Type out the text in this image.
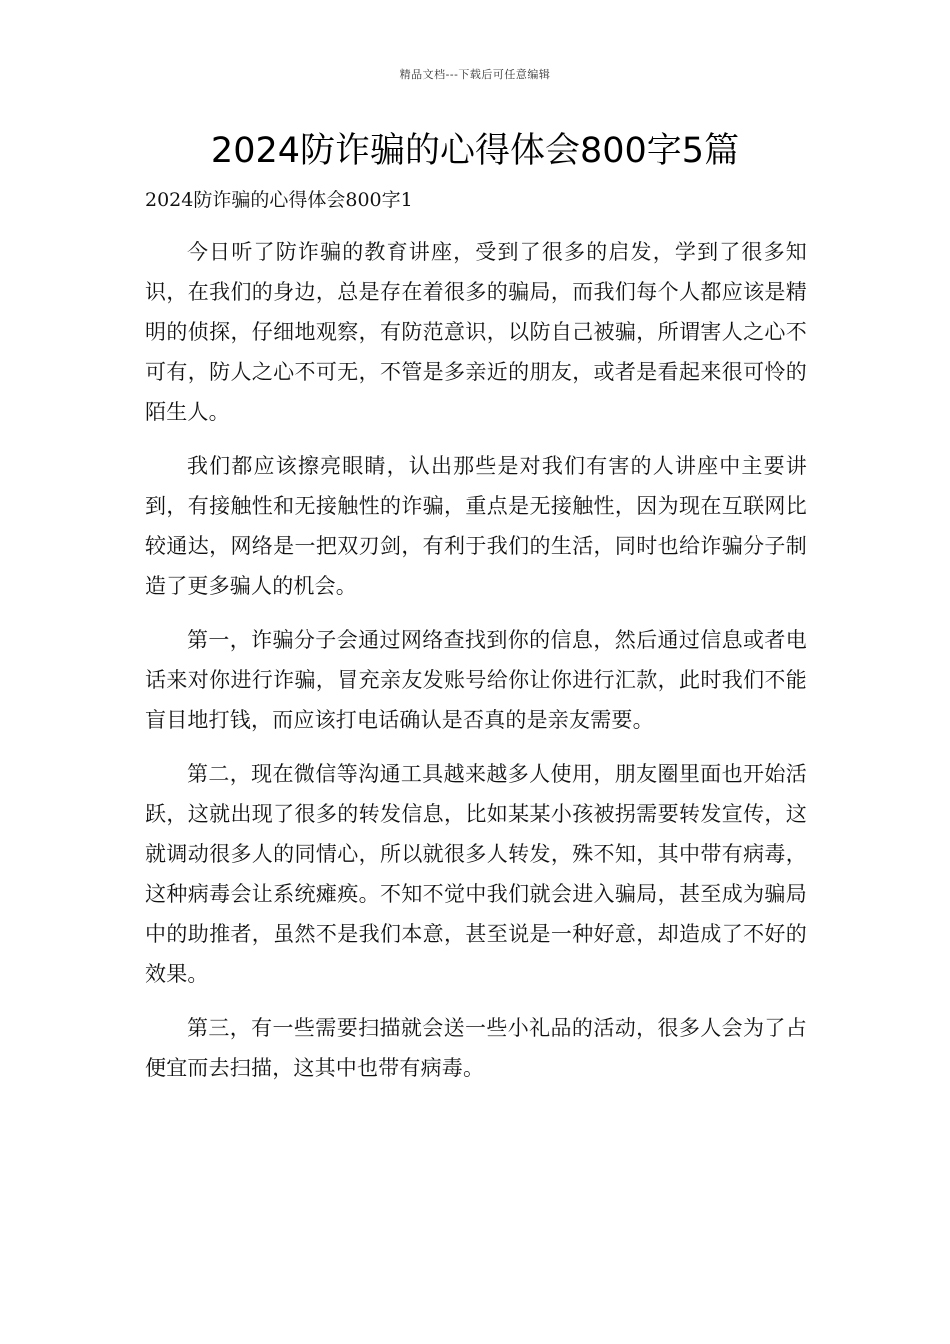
精品文档---下载后可任意编辑
2024防诈骗的心得体会800字5篇
2024防诈骗的心得体会800字1

今日听了防诈骗的教育讲座，受到了很多的启发，学到了很多知识，在我们的身边，总是存在着很多的骗局，而我们每个人都应该是精明的侦探，仔细地观察，有防范意识，以防自己被骗，所谓害人之心不可有，防人之心不可无，不管是多亲近的朋友，或者是看起来很可怜的陌生人。

我们都应该擦亮眼睛，认出那些是对我们有害的人讲座中主要讲到，有接触性和无接触性的诈骗，重点是无接触性，因为现在互联网比较通达，网络是一把双刃剑，有利于我们的生活，同时也给诈骗分子制造了更多骗人的机会。

第一，诈骗分子会通过网络查找到你的信息，然后通过信息或者电话来对你进行诈骗，冒充亲友发账号给你让你进行汇款，此时我们不能盲目地打钱，而应该打电话确认是否真的是亲友需要。

第二，现在微信等沟通工具越来越多人使用，朋友圈里面也开始活跃，这就出现了很多的转发信息，比如某某小孩被拐需要转发宣传，这就调动很多人的同情心，所以就很多人转发，殊不知，其中带有病毒，这种病毒会让系统瘫痪。不知不觉中我们就会进入骗局，甚至成为骗局中的助推者，虽然不是我们本意，甚至说是一种好意，却造成了不好的效果。

第三，有一些需要扫描就会送一些小礼品的活动，很多人会为了占便宜而去扫描，这其中也带有病毒。
